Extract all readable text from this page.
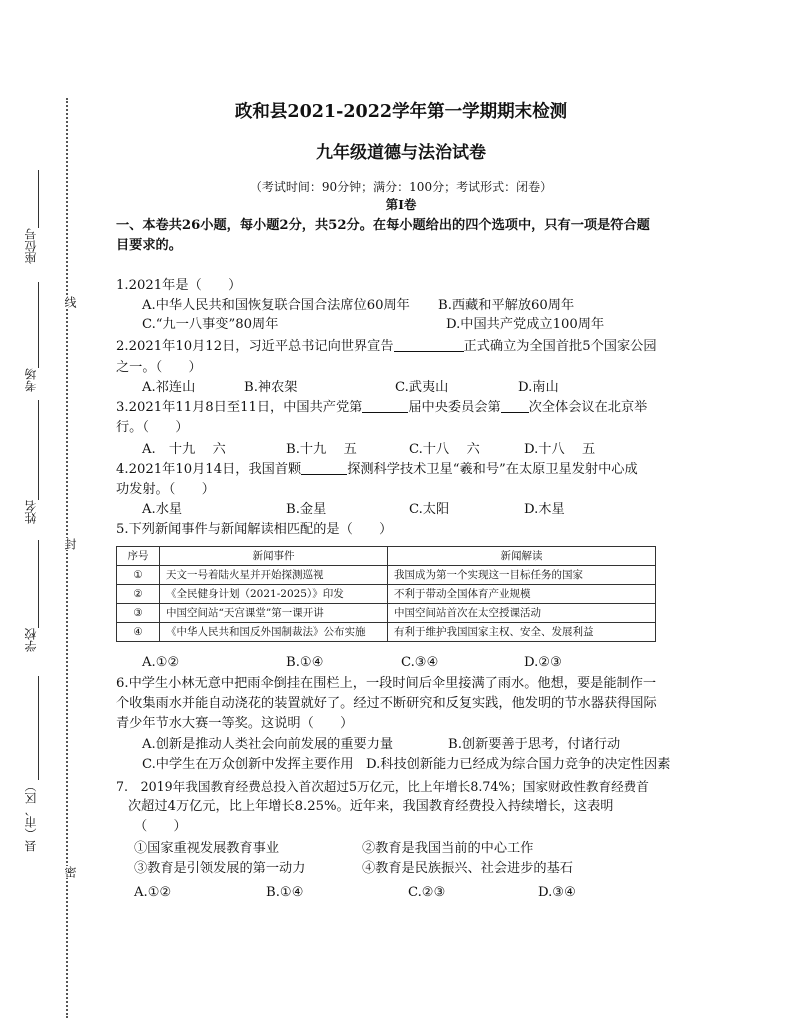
座位号
考场
姓名
学校
县（市、区）
线
封
密
政和县2021-2022学年第一学期期末检测
九年级道德与法治试卷
（考试时间：90分钟；满分：100分；考试形式：闭卷）
第Ⅰ卷
一、本卷共26小题，每小题2分，共52分。在每小题给出的四个选项中，只有一项是符合题
目要求的。
1.2021年是（　　）
A.中华人民共和国恢复联合国合法席位60周年 B.西藏和平解放60周年
C.“九一八事变”80周年	D.中国共产党成立100周年
2.2021年10月12日，习近平总书记向世界宣告	正式确立为全国首批5个国家公园
之一。（　　）
A.祁连山	B.神农架	C.武夷山	D.南山
3.2021年11月8日至11日，中国共产党第	届中央委员会第 次全体会议在北京举
行。（　　）
A.　十九　 六	B.十九　 五	C.十八　 六	D.十八　 五
4.2021年10月14日，我国首颗	探测科学技术卫星“羲和号”在太原卫星发射中心成
功发射。（　　）
A.水星	B.金星	C.太阳	D.木星
5.下列新闻事件与新闻解读相匹配的是（　　）
序号	新闻事件	新闻解读
①	天文一号着陆火星并开始探测巡视	我国成为第一个实现这一目标任务的国家
②	《全民健身计划（2021-2025）》印发	不利于带动全国体育产业规模
③	中国空间站“天宫课堂”第一课开讲	中国空间站首次在太空授课活动
④	《中华人民共和国反外国制裁法》公布实施	有利于维护我国国家主权、安全、发展利益
A.①②	B.①④	C.③④	D.②③
6.中学生小林无意中把雨伞倒挂在围栏上，一段时间后伞里接满了雨水。他想，要是能制作一
个收集雨水并能自动浇花的装置就好了。经过不断研究和反复实践，他发明的节水器获得国际
青少年节水大赛一等奖。这说明（　　）
A.创新是推动人类社会向前发展的重要力量	B.创新要善于思考，付诸行动
C.中学生在万众创新中发挥主要作用 D.科技创新能力已经成为综合国力竞争的决定性因素
7.　2019年我国教育经费总投入首次超过5万亿元，比上年增长8.74%；国家财政性教育经费首
次超过4万亿元，比上年增长8.25%。近年来，我国教育经费投入持续增长，这表明
（　　）
①国家重视发展教育事业	②教育是我国当前的中心工作
③教育是引领发展的第一动力	④教育是民族振兴、社会进步的基石
A.①②	B.①④	C.②③	D.③④
